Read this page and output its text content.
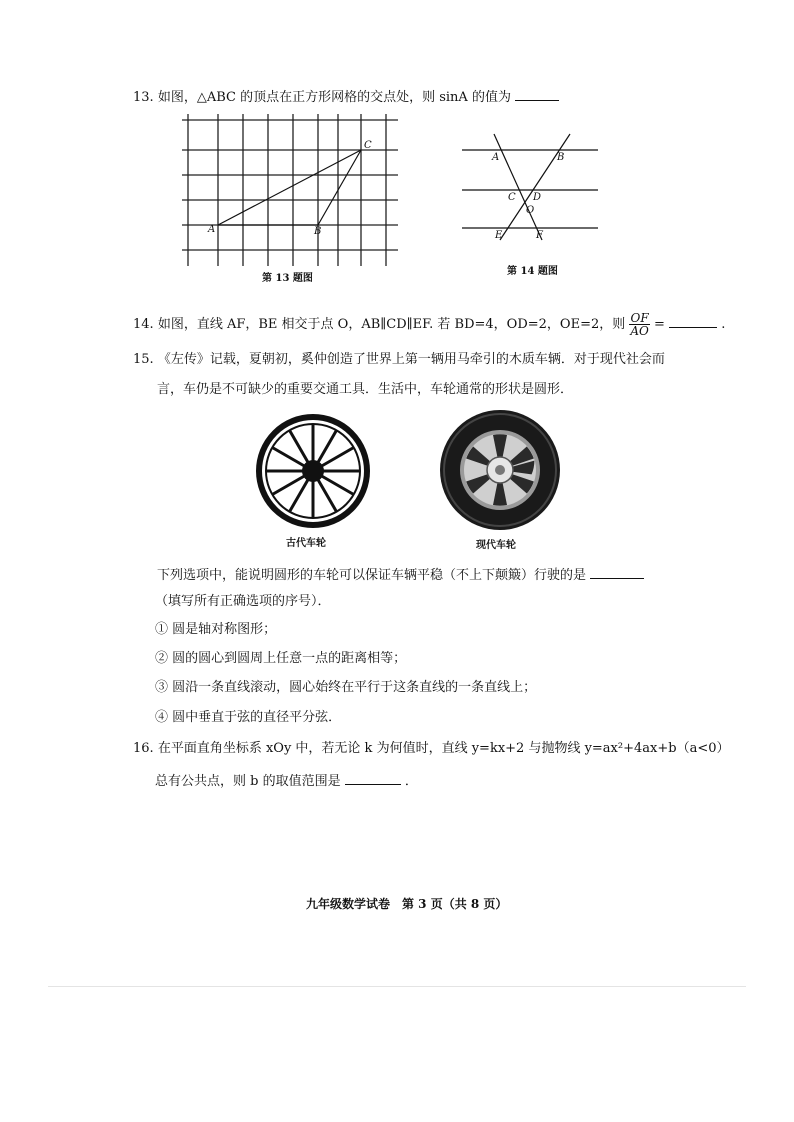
13. 如图，△ABC 的顶点在正方形网格的交点处，则 sinA 的值为
A	B
C
第 13 题图
A	B
C D
O
E	F
第 14 题图
14. 如图，直线 AF，BE 相交于点 O，AB∥CD∥EF. 若 BD=4，OD=2，OE=2，则 $\frac{OF}{AO}$ =	.
15. 《左传》记载，夏朝初，奚仲创造了世界上第一辆用马牵引的木质车辆．对于现代社会而
言，车仍是不可缺少的重要交通工具．生活中，车轮通常的形状是圆形．
古代车轮	现代车轮
下列选项中，能说明圆形的车轮可以保证车辆平稳（不上下颠簸）行驶的是
（填写所有正确选项的序号）．
① 圆是轴对称图形；
② 圆的圆心到圆周上任意一点的距离相等；
③ 圆沿一条直线滚动，圆心始终在平行于这条直线的一条直线上；
④ 圆中垂直于弦的直径平分弦．
16. 在平面直角坐标系 xOy 中，若无论 k 为何值时，直线 y=kx+2 与抛物线 y=ax²+4ax+b（a<0）
总有公共点，则 b 的取值范围是	．
九年级数学试卷　第 3 页（共 8 页）
